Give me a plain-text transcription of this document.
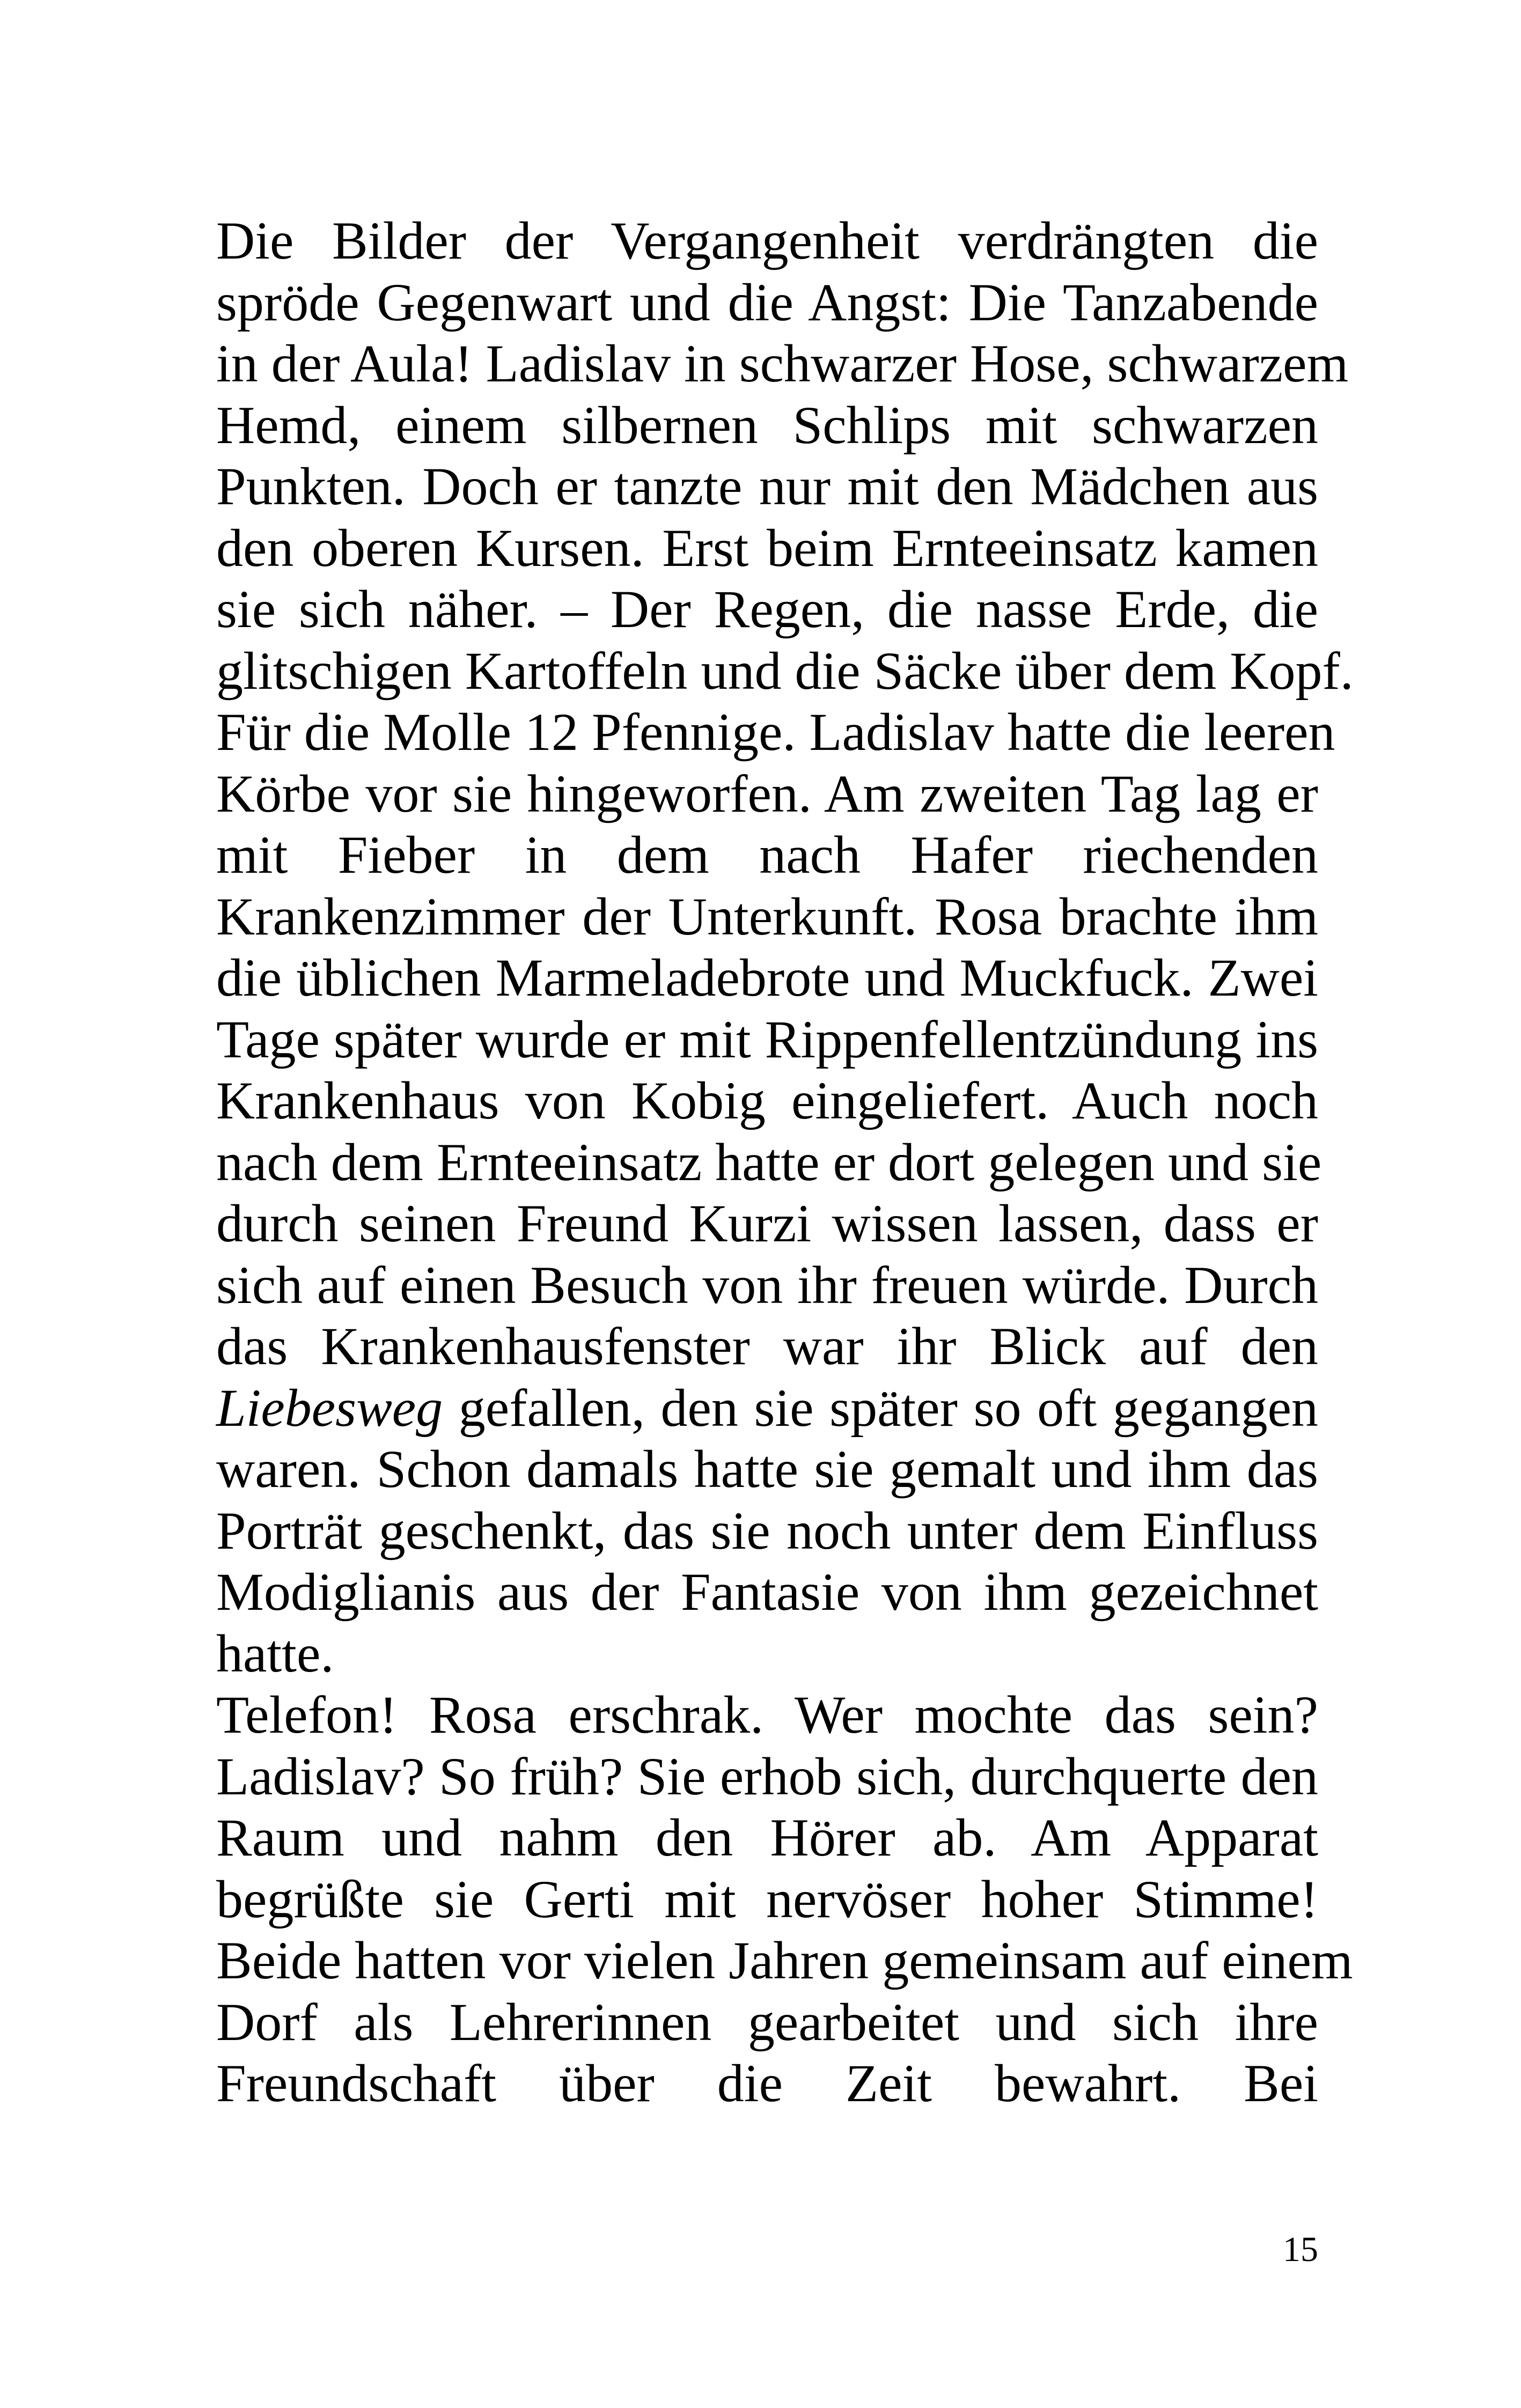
Die Bilder der Vergangenheit verdrängten die
spröde Gegenwart und die Angst: Die Tanzabende
in der Aula! Ladislav in schwarzer Hose, schwarzem
Hemd, einem silbernen Schlips mit schwarzen
Punkten. Doch er tanzte nur mit den Mädchen aus
den oberen Kursen. Erst beim Ernteeinsatz kamen
sie sich näher. – Der Regen, die nasse Erde, die
glitschigen Kartoffeln und die Säcke über dem Kopf.
Für die Molle 12 Pfennige. Ladislav hatte die leeren
Körbe vor sie hingeworfen. Am zweiten Tag lag er
mit Fieber in dem nach Hafer riechenden
Krankenzimmer der Unterkunft. Rosa brachte ihm
die üblichen Marmeladebrote und Muckfuck. Zwei
Tage später wurde er mit Rippenfellentzündung ins
Krankenhaus von Kobig eingeliefert. Auch noch
nach dem Ernteeinsatz hatte er dort gelegen und sie
durch seinen Freund Kurzi wissen lassen, dass er
sich auf einen Besuch von ihr freuen würde. Durch
das Krankenhausfenster war ihr Blick auf den
Liebesweg gefallen, den sie später so oft gegangen
waren. Schon damals hatte sie gemalt und ihm das
Porträt geschenkt, das sie noch unter dem Einfluss
Modiglianis aus der Fantasie von ihm gezeichnet
hatte.
Telefon! Rosa erschrak. Wer mochte das sein?
Ladislav? So früh? Sie erhob sich, durchquerte den
Raum und nahm den Hörer ab. Am Apparat
begrüßte sie Gerti mit nervöser hoher Stimme!
Beide hatten vor vielen Jahren gemeinsam auf einem
Dorf als Lehrerinnen gearbeitet und sich ihre
Freundschaft über die Zeit bewahrt. Bei
15
